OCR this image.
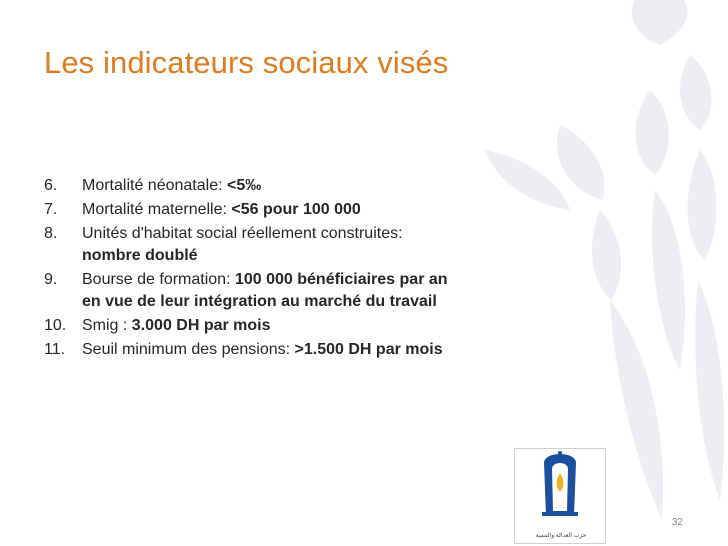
Les indicateurs sociaux visés
6.	Mortalité néonatale: <5‰
7.	Mortalité maternelle: <56 pour 100 000
8.	Unités d'habitat social réellement construites: nombre doublé
9.	Bourse de formation: 100 000 bénéficiaires par an en vue de leur intégration au marché du travail
10. Smig : 3.000 DH par mois
11.	Seuil minimum des pensions: >1.500 DH par mois
حزب العدالة والتنمية
32
